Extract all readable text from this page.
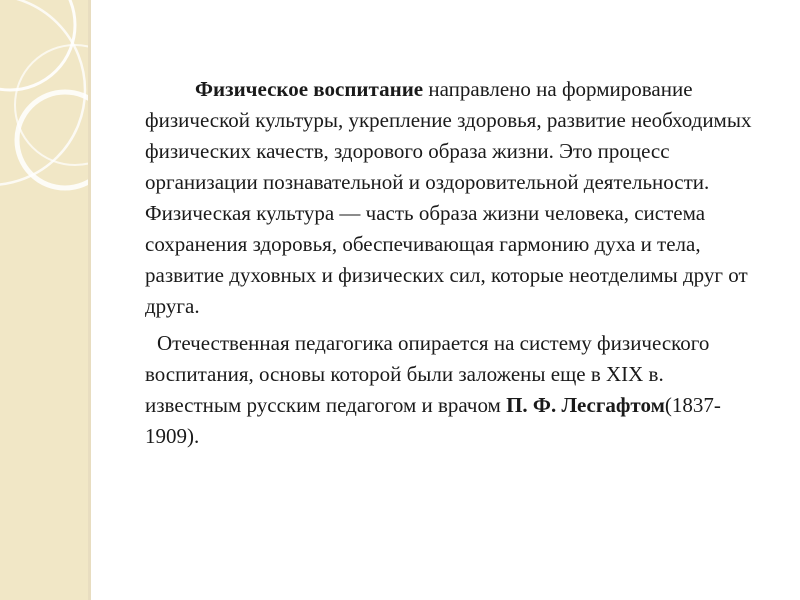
Физическое воспитание направлено на формирование физической культуры, укрепление здоровья, развитие необходимых физических качеств, здорового образа жизни. Это процесс организации познавательной и оздоровительной деятельности. Физическая культура — часть образа жизни человека, система сохранения здоровья, обеспечивающая гармонию духа и тела, развитие духовных и физических сил, которые неотделимы друг от друга.

Отечественная педагогика опирается на систему физического воспитания, основы которой были заложены еще в XIX в. известным русским педагогом и врачом П. Ф. Лесгафтом(1837-1909).
